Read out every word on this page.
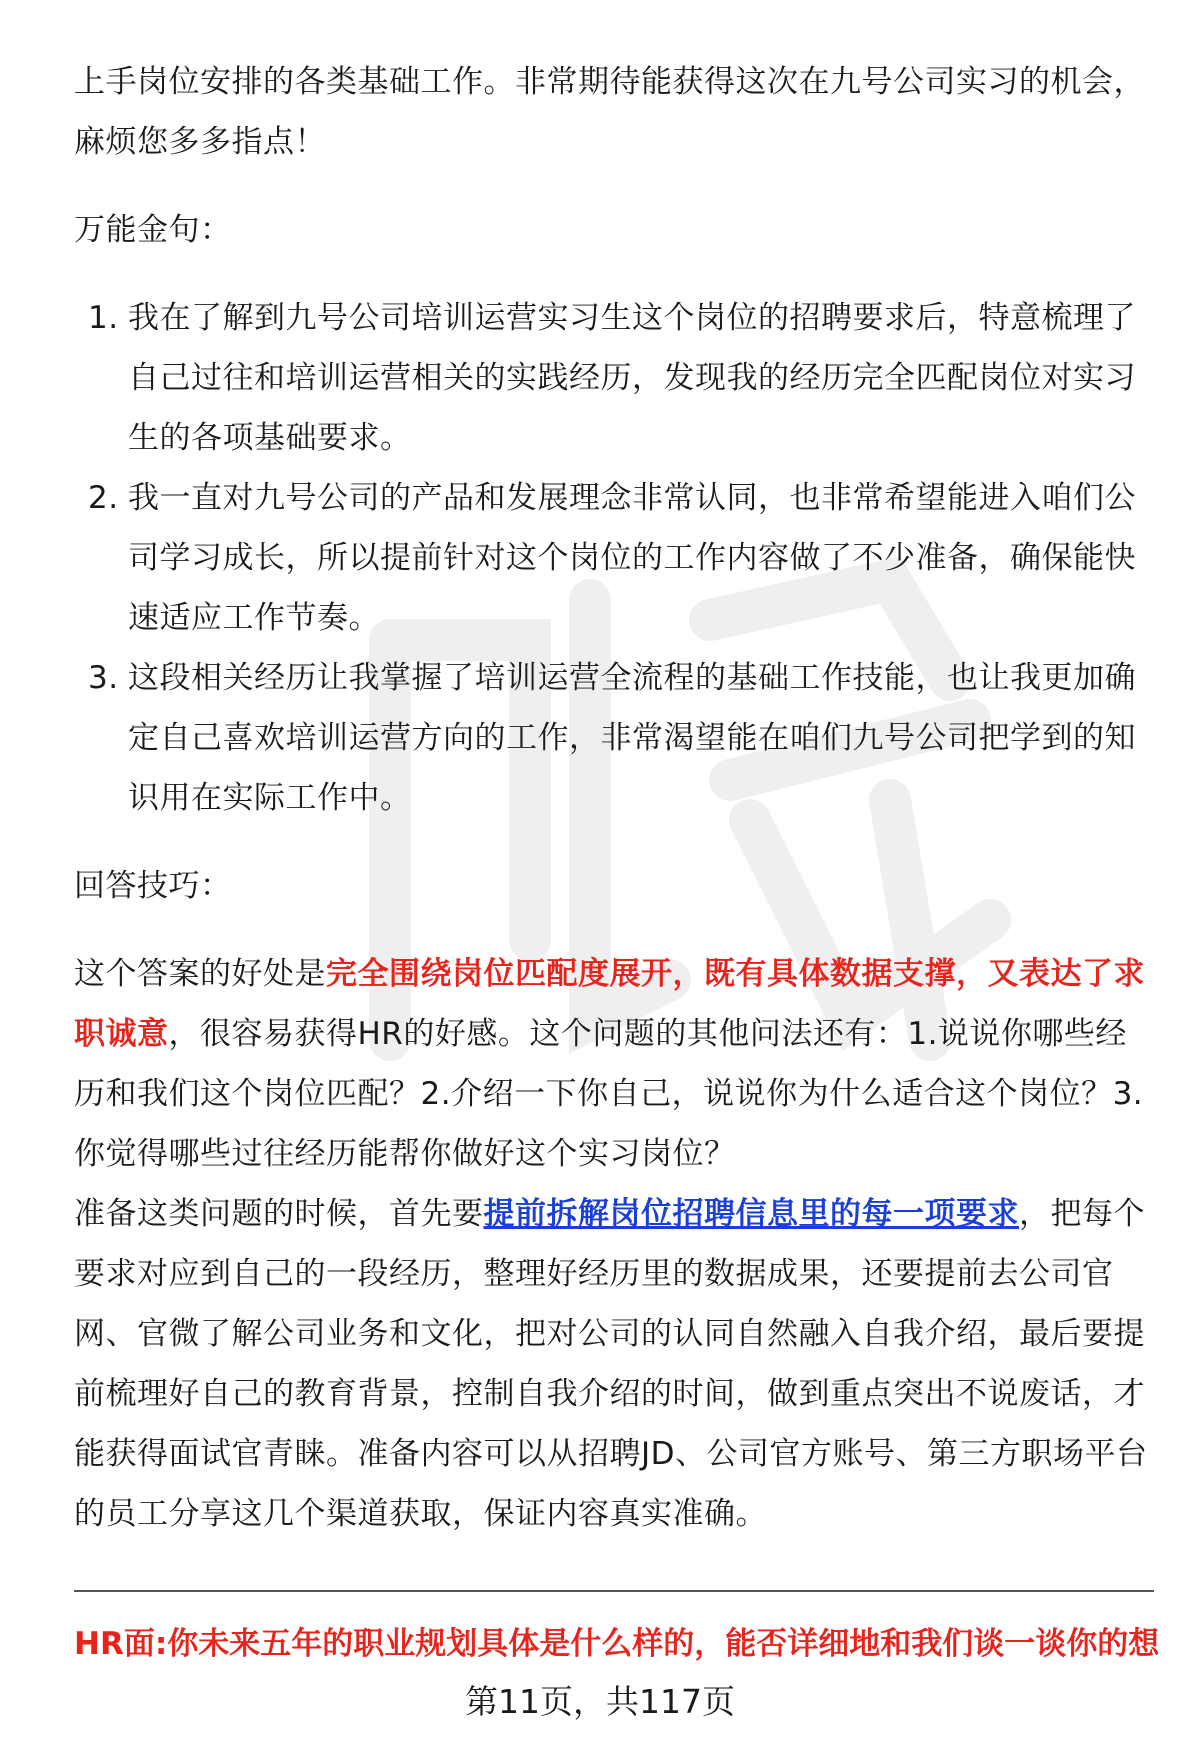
上手岗位安排的各类基础工作。非常期待能获得这次在九号公司实习的机会，麻烦您多多指点！

万能金句：

1. 我在了解到九号公司培训运营实习生这个岗位的招聘要求后，特意梳理了自己过往和培训运营相关的实践经历，发现我的经历完全匹配岗位对实习生的各项基础要求。
2. 我一直对九号公司的产品和发展理念非常认同，也非常希望能进入咱们公司学习成长，所以提前针对这个岗位的工作内容做了不少准备，确保能快速适应工作节奏。
3. 这段相关经历让我掌握了培训运营全流程的基础工作技能，也让我更加确定自己喜欢培训运营方向的工作，非常渴望能在咱们九号公司把学到的知识用在实际工作中。

回答技巧：

这个答案的好处是完全围绕岗位匹配度展开，既有具体数据支撑，又表达了求职诚意，很容易获得HR的好感。这个问题的其他问法还有：1.说说你哪些经历和我们这个岗位匹配？2.介绍一下你自己，说说你为什么适合这个岗位？3.你觉得哪些过往经历能帮你做好这个实习岗位？

准备这类问题的时候，首先要提前拆解岗位招聘信息里的每一项要求，把每个要求对应到自己的一段经历，整理好经历里的数据成果，还要提前去公司官网、官微了解公司业务和文化，把对公司的认同自然融入自我介绍，最后要提前梳理好自己的教育背景，控制自我介绍的时间，做到重点突出不说废话，才能获得面试官青睐。准备内容可以从招聘JD、公司官方账号、第三方职场平台的员工分享这几个渠道获取，保证内容真实准确。

HR面:你未来五年的职业规划具体是什么样的，能否详细地和我们谈一谈你的想
第11页，共117页
